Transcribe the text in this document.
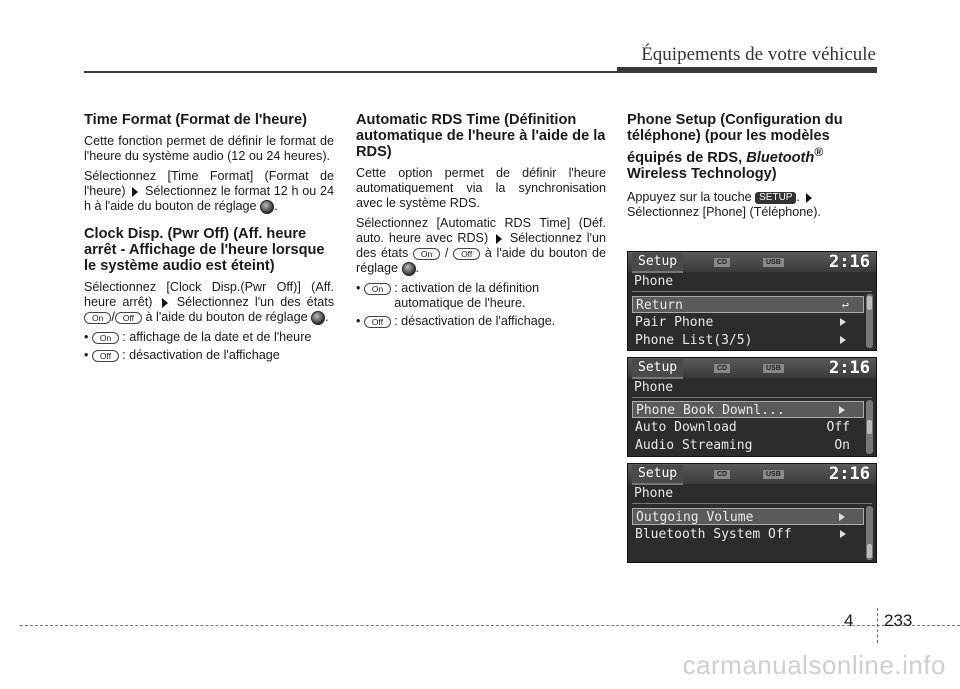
Équipements de votre véhicule
Time Format (Format de l'heure)

Cette fonction permet de définir le format de l'heure du système audio (12 ou 24 heures).

Sélectionnez [Time Format] (Format de l'heure) Sélectionnez le format 12 h ou 24 h à l'aide du bouton de réglage .

Clock Disp. (Pwr Off) (Aff. heure arrêt - Affichage de l'heure lorsque le système audio est éteint)

Sélectionnez [Clock Disp.(Pwr Off)] (Aff. heure arrêt) Sélectionnez l'un des états On / Off à l'aide du bouton de réglage .

• On : affichage de la date et de l'heure
• Off : désactivation de l'affichage
Automatic RDS Time (Définition automatique de l'heure à l'aide de la RDS)

Cette option permet de définir l'heure automatiquement via la synchronisation avec le système RDS.

Sélectionnez [Automatic RDS Time] (Déf. auto. heure avec RDS) Sélectionnez l'un des états On / Off à l'aide du bouton de réglage .

• On : activation de la définition automatique de l'heure.
• Off : désactivation de l'affichage.
Phone Setup (Configuration du téléphone) (pour les modèles équipés de RDS, Bluetooth® Wireless Technology)

Appuyez sur la touche SETUP .
Sélectionnez [Phone] (Téléphone).

Setup	CD	USB	2:16
Phone
Return	↩
Pair Phone
Phone List(3/5)
Setup	CD	USB	2:16
Phone
Phone Book Downl...
Auto Download	Off
Audio Streaming	On
Setup	CD	USB	2:16
Phone
Outgoing Volume
Bluetooth System Off
4 233
carmanualsonline.info
